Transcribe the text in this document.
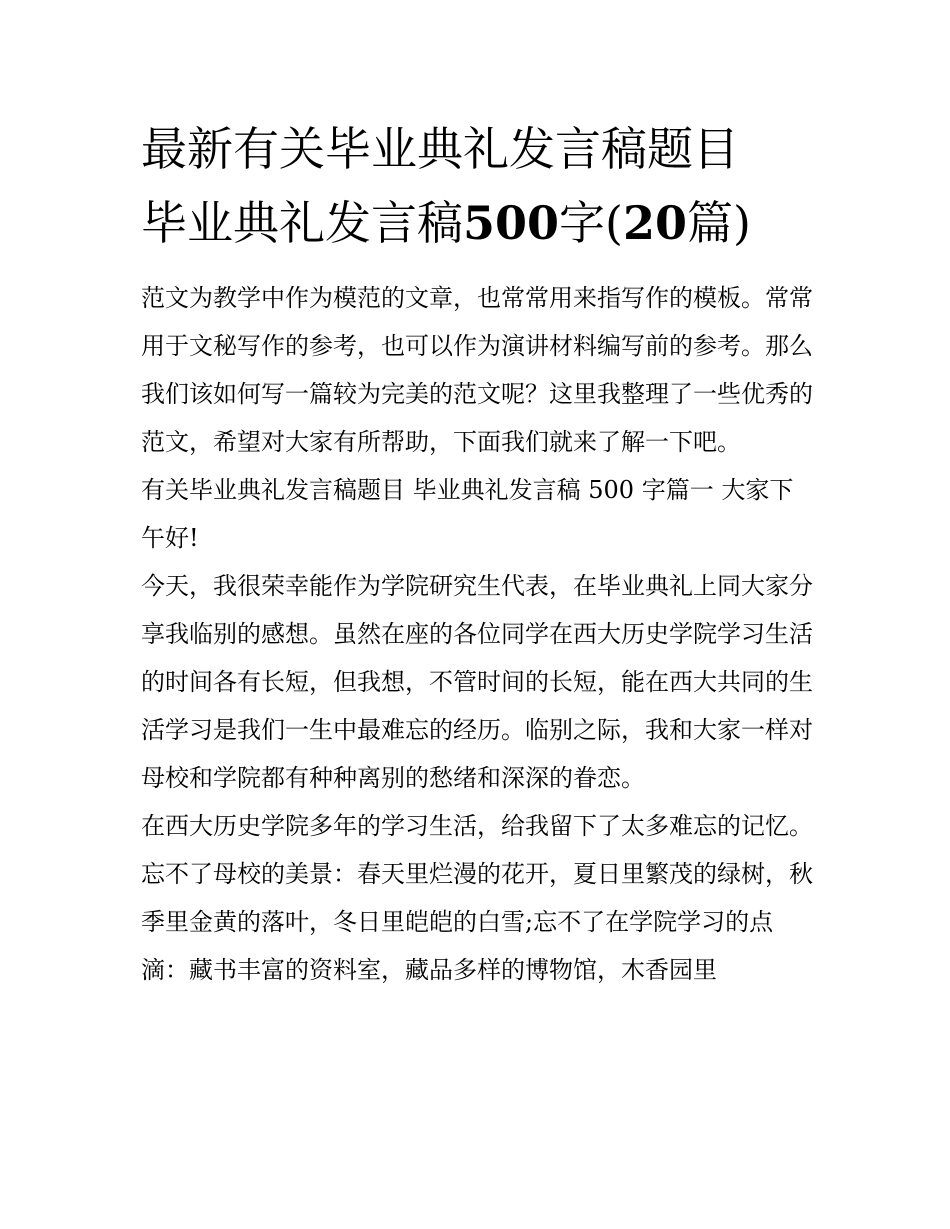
最新有关毕业典礼发言稿题目
毕业典礼发言稿500字(20篇)

范文为教学中作为模范的文章，也常常用来指写作的模板。常常用于文秘写作的参考，也可以作为演讲材料编写前的参考。那么我们该如何写一篇较为完美的范文呢？这里我整理了一些优秀的范文，希望对大家有所帮助，下面我们就来了解一下吧。

有关毕业典礼发言稿题目 毕业典礼发言稿 500 字篇一 大家下午好!

今天，我很荣幸能作为学院研究生代表，在毕业典礼上同大家分享我临别的感想。虽然在座的各位同学在西大历史学院学习生活的时间各有长短，但我想，不管时间的长短，能在西大共同的生活学习是我们一生中最难忘的经历。临别之际，我和大家一样对母校和学院都有种种离别的愁绪和深深的眷恋。

在西大历史学院多年的学习生活，给我留下了太多难忘的记忆。忘不了母校的美景：春天里烂漫的花开，夏日里繁茂的绿树，秋季里金黄的落叶，冬日里皑皑的白雪;忘不了在学院学习的点滴：藏书丰富的资料室，藏品多样的博物馆，木香园里
